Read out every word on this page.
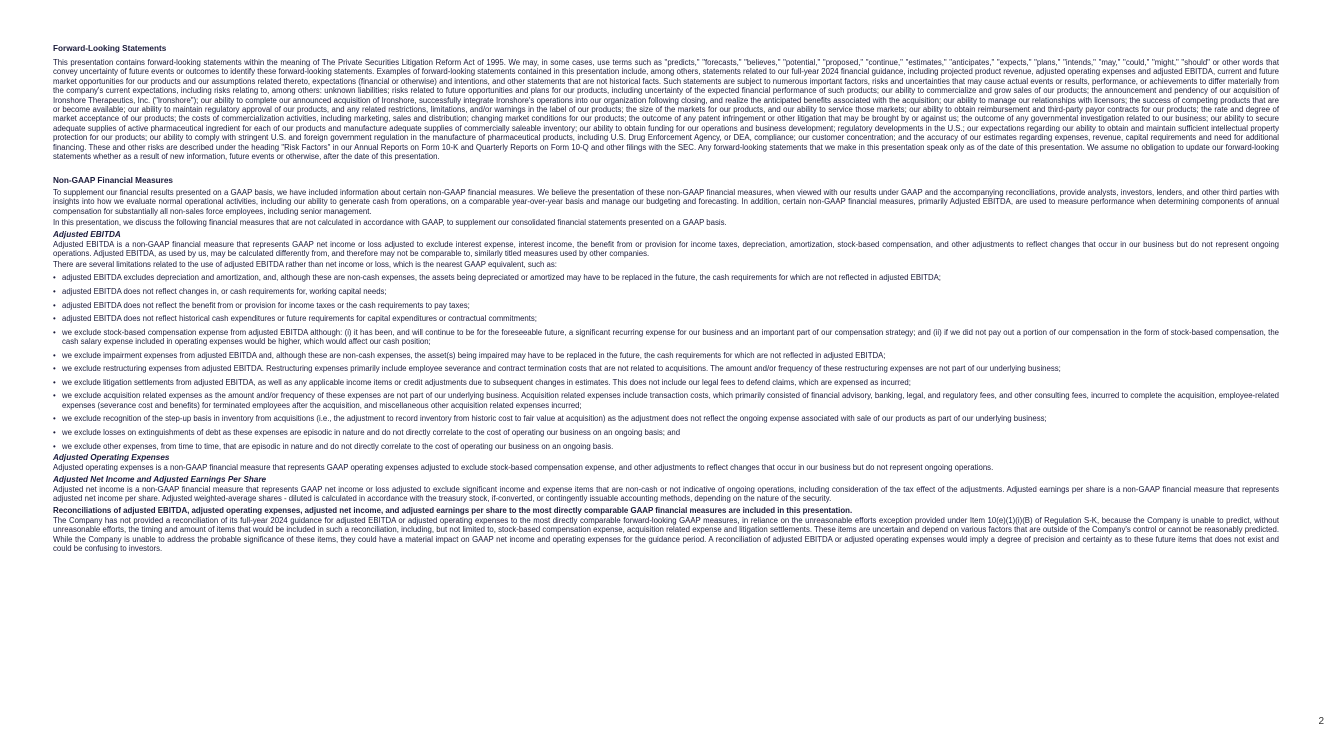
Forward-Looking Statements

This presentation contains forward-looking statements within the meaning of The Private Securities Litigation Reform Act of 1995. We may, in some cases, use terms such as "predicts," "forecasts," "believes," "potential," "proposed," "continue," "estimates," "anticipates," "expects," "plans," "intends," "may," "could," "might," "should" or other words that convey uncertainty of future events or outcomes to identify these forward-looking statements. Examples of forward-looking statements contained in this presentation include, among others, statements related to our full-year 2024 financial guidance, including projected product revenue, adjusted operating expenses and adjusted EBITDA, current and future market opportunities for our products and our assumptions related thereto, expectations (financial or otherwise) and intentions, and other statements that are not historical facts. Such statements are subject to numerous important factors, risks and uncertainties that may cause actual events or results, performance, or achievements to differ materially from the company's current expectations, including risks relating to, among others: unknown liabilities; risks related to future opportunities and plans for our products, including uncertainty of the expected financial performance of such products; our ability to commercialize and grow sales of our products; the announcement and pendency of our acquisition of Ironshore Therapeutics, Inc. ("Ironshore"); our ability to complete our announced acquisition of Ironshore, successfully integrate Ironshore's operations into our organization following closing, and realize the anticipated benefits associated with the acquisition; our ability to manage our relationships with licensors; the success of competing products that are or become available; our ability to maintain regulatory approval of our products, and any related restrictions, limitations, and/or warnings in the label of our products; the size of the markets for our products, and our ability to service those markets; our ability to obtain reimbursement and third-party payor contracts for our products; the rate and degree of market acceptance of our products; the costs of commercialization activities, including marketing, sales and distribution; changing market conditions for our products; the outcome of any patent infringement or other litigation that may be brought by or against us; the outcome of any governmental investigation related to our business; our ability to secure adequate supplies of active pharmaceutical ingredient for each of our products and manufacture adequate supplies of commercially saleable inventory; our ability to obtain funding for our operations and business development; regulatory developments in the U.S.; our expectations regarding our ability to obtain and maintain sufficient intellectual property protection for our products; our ability to comply with stringent U.S. and foreign government regulation in the manufacture of pharmaceutical products, including U.S. Drug Enforcement Agency, or DEA, compliance; our customer concentration; and the accuracy of our estimates regarding expenses, revenue, capital requirements and need for additional financing. These and other risks are described under the heading "Risk Factors" in our Annual Reports on Form 10-K and Quarterly Reports on Form 10-Q and other filings with the SEC. Any forward-looking statements that we make in this presentation speak only as of the date of this presentation. We assume no obligation to update our forward-looking statements whether as a result of new information, future events or otherwise, after the date of this presentation.

Non-GAAP Financial Measures

To supplement our financial results presented on a GAAP basis, we have included information about certain non-GAAP financial measures. We believe the presentation of these non-GAAP financial measures, when viewed with our results under GAAP and the accompanying reconciliations, provide analysts, investors, lenders, and other third parties with insights into how we evaluate normal operational activities, including our ability to generate cash from operations, on a comparable year-over-year basis and manage our budgeting and forecasting. In addition, certain non-GAAP financial measures, primarily Adjusted EBITDA, are used to measure performance when determining components of annual compensation for substantially all non-sales force employees, including senior management.

In this presentation, we discuss the following financial measures that are not calculated in accordance with GAAP, to supplement our consolidated financial statements presented on a GAAP basis.

Adjusted EBITDA

Adjusted EBITDA is a non-GAAP financial measure that represents GAAP net income or loss adjusted to exclude interest expense, interest income, the benefit from or provision for income taxes, depreciation, amortization, stock-based compensation, and other adjustments to reflect changes that occur in our business but do not represent ongoing operations. Adjusted EBITDA, as used by us, may be calculated differently from, and therefore may not be comparable to, similarly titled measures used by other companies.

There are several limitations related to the use of adjusted EBITDA rather than net income or loss, which is the nearest GAAP equivalent, such as:

• adjusted EBITDA excludes depreciation and amortization, and, although these are non-cash expenses, the assets being depreciated or amortized may have to be replaced in the future, the cash requirements for which are not reflected in adjusted EBITDA;
• adjusted EBITDA does not reflect changes in, or cash requirements for, working capital needs;
• adjusted EBITDA does not reflect the benefit from or provision for income taxes or the cash requirements to pay taxes;
• adjusted EBITDA does not reflect historical cash expenditures or future requirements for capital expenditures or contractual commitments;
• we exclude stock-based compensation expense from adjusted EBITDA although: (i) it has been, and will continue to be for the foreseeable future, a significant recurring expense for our business and an important part of our compensation strategy; and (ii) if we did not pay out a portion of our compensation in the form of stock-based compensation, the cash salary expense included in operating expenses would be higher, which would affect our cash position;
• we exclude impairment expenses from adjusted EBITDA and, although these are non-cash expenses, the asset(s) being impaired may have to be replaced in the future, the cash requirements for which are not reflected in adjusted EBITDA;
• we exclude restructuring expenses from adjusted EBITDA. Restructuring expenses primarily include employee severance and contract termination costs that are not related to acquisitions. The amount and/or frequency of these restructuring expenses are not part of our underlying business;
• we exclude litigation settlements from adjusted EBITDA, as well as any applicable income items or credit adjustments due to subsequent changes in estimates. This does not include our legal fees to defend claims, which are expensed as incurred;
• we exclude acquisition related expenses as the amount and/or frequency of these expenses are not part of our underlying business. Acquisition related expenses include transaction costs, which primarily consisted of financial advisory, banking, legal, and regulatory fees, and other consulting fees, incurred to complete the acquisition, employee-related expenses (severance cost and benefits) for terminated employees after the acquisition, and miscellaneous other acquisition related expenses incurred;
• we exclude recognition of the step-up basis in inventory from acquisitions (i.e., the adjustment to record inventory from historic cost to fair value at acquisition) as the adjustment does not reflect the ongoing expense associated with sale of our products as part of our underlying business;
• we exclude losses on extinguishments of debt as these expenses are episodic in nature and do not directly correlate to the cost of operating our business on an ongoing basis; and
• we exclude other expenses, from time to time, that are episodic in nature and do not directly correlate to the cost of operating our business on an ongoing basis.
Adjusted Operating Expenses

Adjusted operating expenses is a non-GAAP financial measure that represents GAAP operating expenses adjusted to exclude stock-based compensation expense, and other adjustments to reflect changes that occur in our business but do not represent ongoing operations.

Adjusted Net Income and Adjusted Earnings Per Share

Adjusted net income is a non-GAAP financial measure that represents GAAP net income or loss adjusted to exclude significant income and expense items that are non-cash or not indicative of ongoing operations, including consideration of the tax effect of the adjustments. Adjusted earnings per share is a non-GAAP financial measure that represents adjusted net income per share. Adjusted weighted-average shares - diluted is calculated in accordance with the treasury stock, if-converted, or contingently issuable accounting methods, depending on the nature of the security.

Reconciliations of adjusted EBITDA, adjusted operating expenses, adjusted net income, and adjusted earnings per share to the most directly comparable GAAP financial measures are included in this presentation.

The Company has not provided a reconciliation of its full-year 2024 guidance for adjusted EBITDA or adjusted operating expenses to the most directly comparable forward-looking GAAP measures, in reliance on the unreasonable efforts exception provided under Item 10(e)(1)(i)(B) of Regulation S-K, because the Company is unable to predict, without unreasonable efforts, the timing and amount of items that would be included in such a reconciliation, including, but not limited to, stock-based compensation expense, acquisition related expense and litigation settlements. These items are uncertain and depend on various factors that are outside of the Company's control or cannot be reasonably predicted. While the Company is unable to address the probable significance of these items, they could have a material impact on GAAP net income and operating expenses for the guidance period. A reconciliation of adjusted EBITDA or adjusted operating expenses would imply a degree of precision and certainty as to these future items that does not exist and could be confusing to investors.

2
